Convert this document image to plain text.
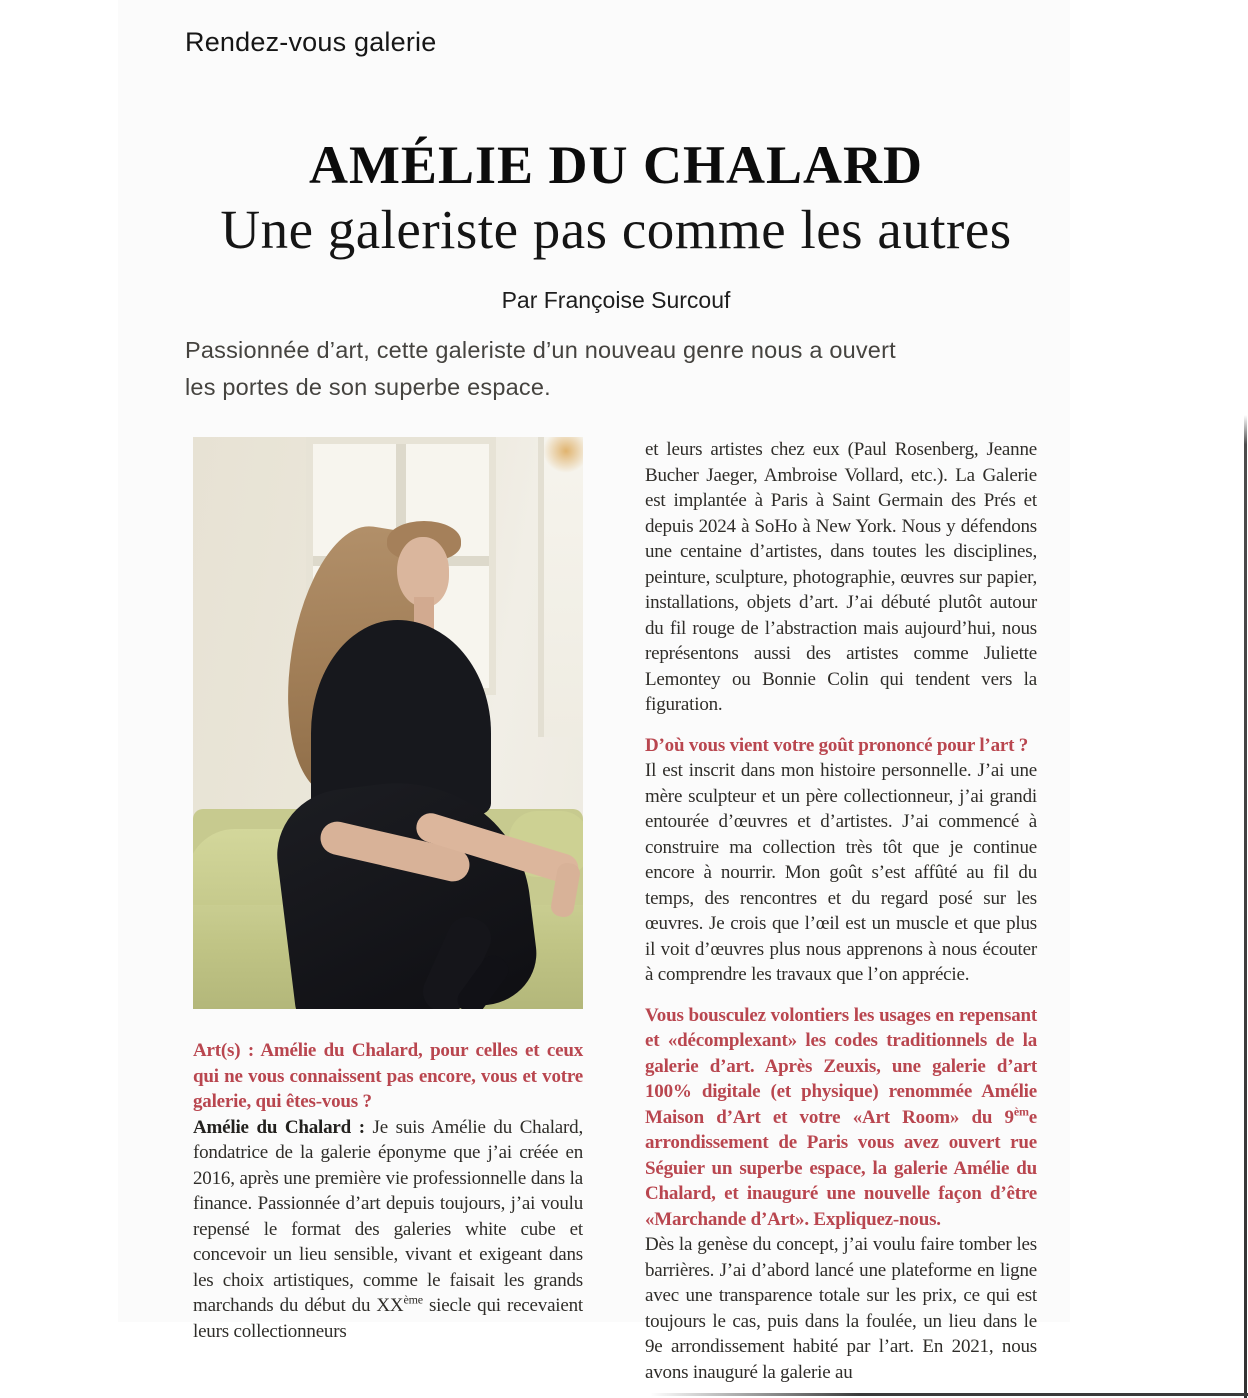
Rendez-vous galerie
AMÉLIE DU CHALARD
Une galeriste pas comme les autres
Par Françoise Surcouf

Passionnée d’art, cette galeriste d’un nouveau genre nous a ouvert les portes de son superbe espace.

Art(s) : Amélie du Chalard, pour celles et ceux qui ne vous connaissent pas encore, vous et votre galerie, qui êtes-vous ?

Amélie du Chalard : Je suis Amélie du Chalard, fondatrice de la galerie éponyme que j’ai créée en 2016, après une première vie professionnelle dans la finance. Passionnée d’art depuis toujours, j’ai voulu repensé le format des galeries white cube et concevoir un lieu sensible, vivant et exigeant dans les choix artistiques, comme le faisait les grands marchands du début du XXème siecle qui recevaient leurs collectionneurs

et leurs artistes chez eux (Paul Rosenberg, Jeanne Bucher Jaeger, Ambroise Vollard, etc.). La Galerie est implantée à Paris à Saint Germain des Prés et depuis 2024 à SoHo à New York. Nous y défendons une centaine d’artistes, dans toutes les disciplines, peinture, sculpture, photographie, œuvres sur papier, installations, objets d’art. J’ai débuté plutôt autour du fil rouge de l’abstraction mais aujourd’hui, nous représentons aussi des artistes comme Juliette Lemontey ou Bonnie Colin qui tendent vers la figuration.

D’où vous vient votre goût prononcé pour l’art ?

Il est inscrit dans mon histoire personnelle. J’ai une mère sculpteur et un père collectionneur, j’ai grandi entourée d’œuvres et d’artistes. J’ai commencé à construire ma collection très tôt que je continue encore à nourrir. Mon goût s’est affûté au fil du temps, des rencontres et du regard posé sur les œuvres. Je crois que l’œil est un muscle et que plus il voit d’œuvres plus nous apprenons à nous écouter à comprendre les travaux que l’on apprécie.

Vous bousculez volontiers les usages en repensant et «décomplexant» les codes traditionnels de la galerie d’art. Après Zeuxis, une galerie d’art 100% digitale (et physique) renommée Amélie Maison d’Art et votre «Art Room» du $9^{èm}e$ arrondissement de Paris vous avez ouvert rue Séguier un superbe espace, la galerie Amélie du Chalard, et inauguré une nouvelle façon d’être «Marchande d’Art». Expliquez-nous.

Dès la genèse du concept, j’ai voulu faire tomber les barrières. J’ai d’abord lancé une plateforme en ligne avec une transparence totale sur les prix, ce qui est toujours le cas, puis dans la foulée, un lieu dans le 9e arrondissement habité par l’art. En 2021, nous avons inauguré la galerie au
